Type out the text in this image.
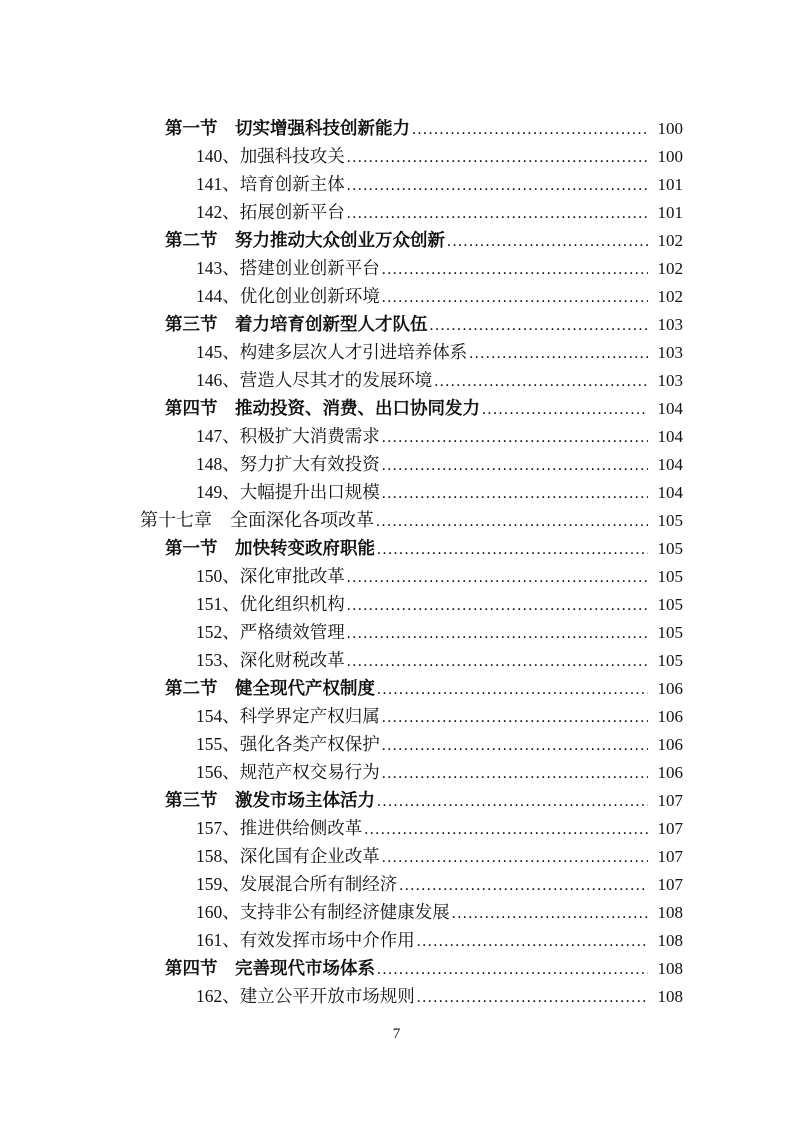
第一节　切实增强科技创新能力 .....	100
140、加强科技攻关 .....	100
141、培育创新主体 .....	101
142、拓展创新平台 .....	101
第二节　努力推动大众创业万众创新 .....	102
143、搭建创业创新平台 .....	102
144、优化创业创新环境 .....	102
第三节　着力培育创新型人才队伍 .....	103
145、构建多层次人才引进培养体系 .....	103
146、营造人尽其才的发展环境 .....	103
第四节　推动投资、消费、出口协同发力 .....	104
147、积极扩大消费需求 .....	104
148、努力扩大有效投资 .....	104
149、大幅提升出口规模 .....	104
第十七章　全面深化各项改革 .....	105
第一节　加快转变政府职能 .....	105
150、深化审批改革 .....	105
151、优化组织机构 .....	105
152、严格绩效管理 .....	105
153、深化财税改革 .....	105
第二节　健全现代产权制度 .....	106
154、科学界定产权归属 .....	106
155、强化各类产权保护 .....	106
156、规范产权交易行为 .....	106
第三节　激发市场主体活力 .....	107
157、推进供给侧改革 .....	107
158、深化国有企业改革 .....	107
159、发展混合所有制经济 .....	107
160、支持非公有制经济健康发展 .....	108
161、有效发挥市场中介作用 .....	108
第四节　完善现代市场体系 .....	108
162、建立公平开放市场规则 .....	108
7
